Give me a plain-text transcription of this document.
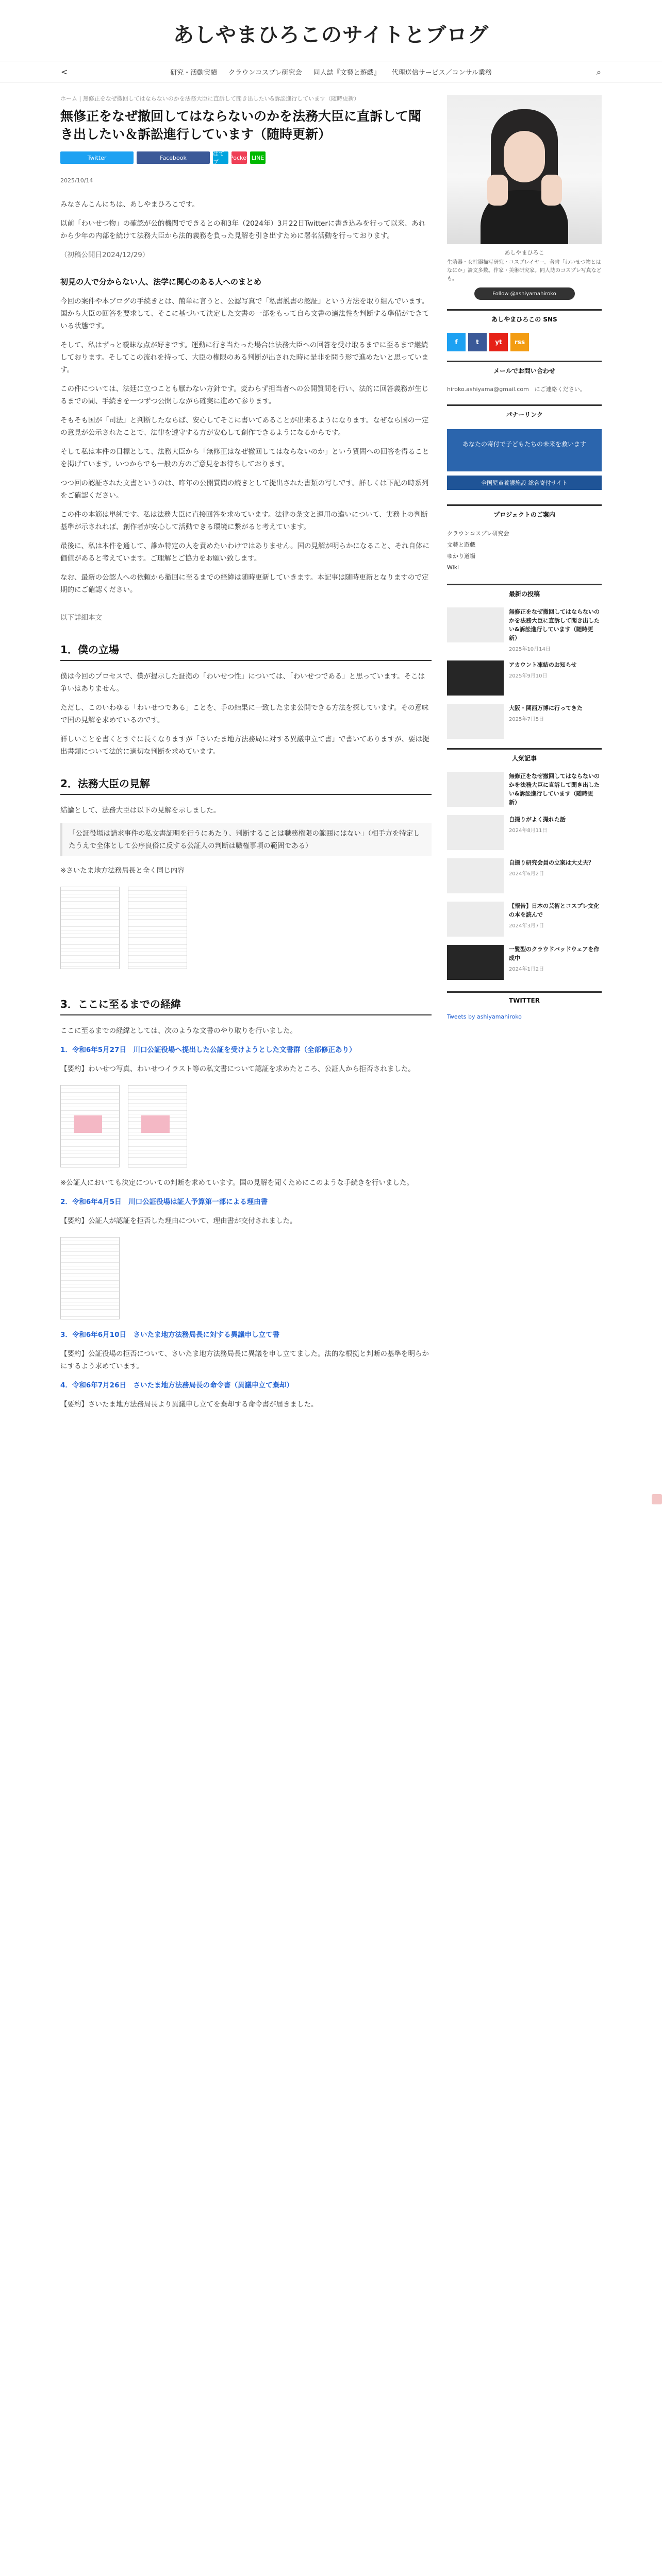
あしやまひろこのサイトとブログ
<	研究・活動実績 クラウンコスプレ研究会 同人誌『文藝と遊戯』 代理送信サービス／コンサル業務	⌕
ホーム | 無修正をなぜ撤回してはならないのかを法務大臣に直訴して聞き出したい&訴訟進行しています（随時更新）
無修正をなぜ撤回してはならないのかを法務大臣に直訴して聞き出したい＆訴訟進行しています（随時更新）
Twitter	Facebook
はてブ
Pocket LINE
2025/10/14
みなさんこんにちは、あしやまひろこです。
以前「わいせつ物」の確認が公的機関でできるとの和3年（2024年）3月22日Twitterに書き込みを行って以来、あれから少年の内部を続けて法務大臣から法的義務を負った見解を引き出すために署名活動を行っております。
（初稿公開日2024/12/29）
初見の人で分からない人、法学に関心のある人へのまとめ
今回の案件や本ブログの手続きとは、簡単に言うと、公認写真で「私書説書の認証」という方法を取り組んでいます。国から大臣の回答を要求して、そこに基づいて決定した文書の一部をもって自ら文書の適法性を判断する準備ができている状態です。
そして、私はずっと曖昧な点が好きです。運動に行き当たった場合は法務大臣への回答を受け取るまでに至るまで継続しております。そしてこの流れを持って、大臣の権限のある判断が出された時に是非を問う形で進めたいと思っています。
この件については、法廷に立つことも厭わない方針です。変わらず担当者への公開質問を行い、法的に回答義務が生じるまでの間、手続きを一つずつ公開しながら確実に進めて参ります。
そもそも国が「司法」と判断したならば、安心してそこに書いてあることが出来るようになります。なぜなら国の一定の意見が公示されたことで、法律を遵守する方が安心して創作できるようになるからです。
そして私は本件の目標として、法務大臣から「無修正はなぜ撤回してはならないのか」という質問への回答を得ることを掲げています。いつからでも一般の方のご意見をお待ちしております。
つつ回の認証された文書というのは、昨年の公開質問の続きとして提出された書類の写しです。詳しくは下記の時系列をご確認ください。
この件の本筋は単純です。私は法務大臣に直接回答を求めています。法律の条文と運用の違いについて、実務上の判断基準が示されれば、創作者が安心して活動できる環境に繋がると考えています。
最後に、私は本件を通して、誰か特定の人を責めたいわけではありません。国の見解が明らかになること、それ自体に価値があると考えています。ご理解とご協力をお願い致します。
なお、最新の公認人への依頼から撤回に至るまでの経緯は随時更新していきます。本記事は随時更新となりますので定期的にご確認ください。
以下詳細本文
1．僕の立場
僕は今回のプロセスで、僕が提示した証拠の「わいせつ性」については、「わいせつである」と思っています。そこは争いはありません。
ただし、このいわゆる「わいせつである」ことを、手の結果に一致したまま公開できる方法を探しています。その意味で国の見解を求めているのです。
詳しいことを書くとすぐに長くなりますが「さいたま地方法務局に対する異議申立て書」で書いてありますが、要は提出書類について法的に適切な判断を求めています。
2．法務大臣の見解
結論として、法務大臣は以下の見解を示しました。
「公証役場は請求事件の私文書証明を行うにあたり、判断することは職務権限の範囲にはない」（相手方を特定したうえで全体として公序良俗に反する公証人の判断は職権事項の範囲である）
※さいたま地方法務局長と全く同じ内容

3．ここに至るまでの経緯
ここに至るまでの経緯としては、次のような文書のやり取りを行いました。
1．令和6年5月27日　川口公証役場へ提出した公証を受けようとした文書群（全部修正あり）
【要約】わいせつ写真、わいせつイラスト等の私文書について認証を求めたところ、公証人から拒否されました。

※公証人においても決定についての判断を求めています。国の見解を聞くためにこのような手続きを行いました。
2．令和6年4月5日　川口公証役場は証人予算第一部による理由書
【要約】公証人が認証を拒否した理由について、理由書が交付されました。
3．令和6年6月10日　さいたま地方法務局長に対する異議申し立て書
【要約】公証役場の拒否について、さいたま地方法務局長に異議を申し立てました。法的な根拠と判断の基準を明らかにするよう求めています。
4．令和6年7月26日　さいたま地方法務局長の命令書（異議申立て棄却）
【要約】さいたま地方法務局長より異議申し立てを棄却する命令書が届きました。
あしやまひろこ
生殖器・女性器描写研究・コスプレイヤー。著書「わいせつ物とはなにか」論文多数。作家・美術研究家。同人誌のコスプレ写真なども。
Follow @ashiyamahiroko
あしやまひろこの SNS
f	t	yt	rss
メールでお問い合わせ
hiroko.ashiyama@gmail.com　にご連絡ください。
パナーリンク
あなたの寄付で子どもたちの未来を救います
全国児童養護施設 総合寄付サイト
プロジェクトのご案内
クラウンコスプレ研究会
文藝と遊戯
ゆかり道場
Wiki
最新の投稿
無修正をなぜ撤回してはならないのかを法務大臣に直訴して聞き出したい&訴訟進行しています（随時更新）
2025年10月14日
アカウント凍結のお知らせ
2025年9月10日
大阪・関西万博に行ってきた
2025年7月5日
人気記事
無修正をなぜ撤回してはならないのかを法務大臣に直訴して聞き出したい&訴訟進行しています（随時更新）
自撮りがよく撮れた話
2024年8月11日
自撮り研究会員の立案は大丈夫？
2024年6月2日
【報告】日本の芸術とコスプレ文化の本を読んで
2024年3月7日
一覧型のクラウドパッドウェアを作成中
2024年1月2日
TWITTER
Tweets by ashiyamahiroko
